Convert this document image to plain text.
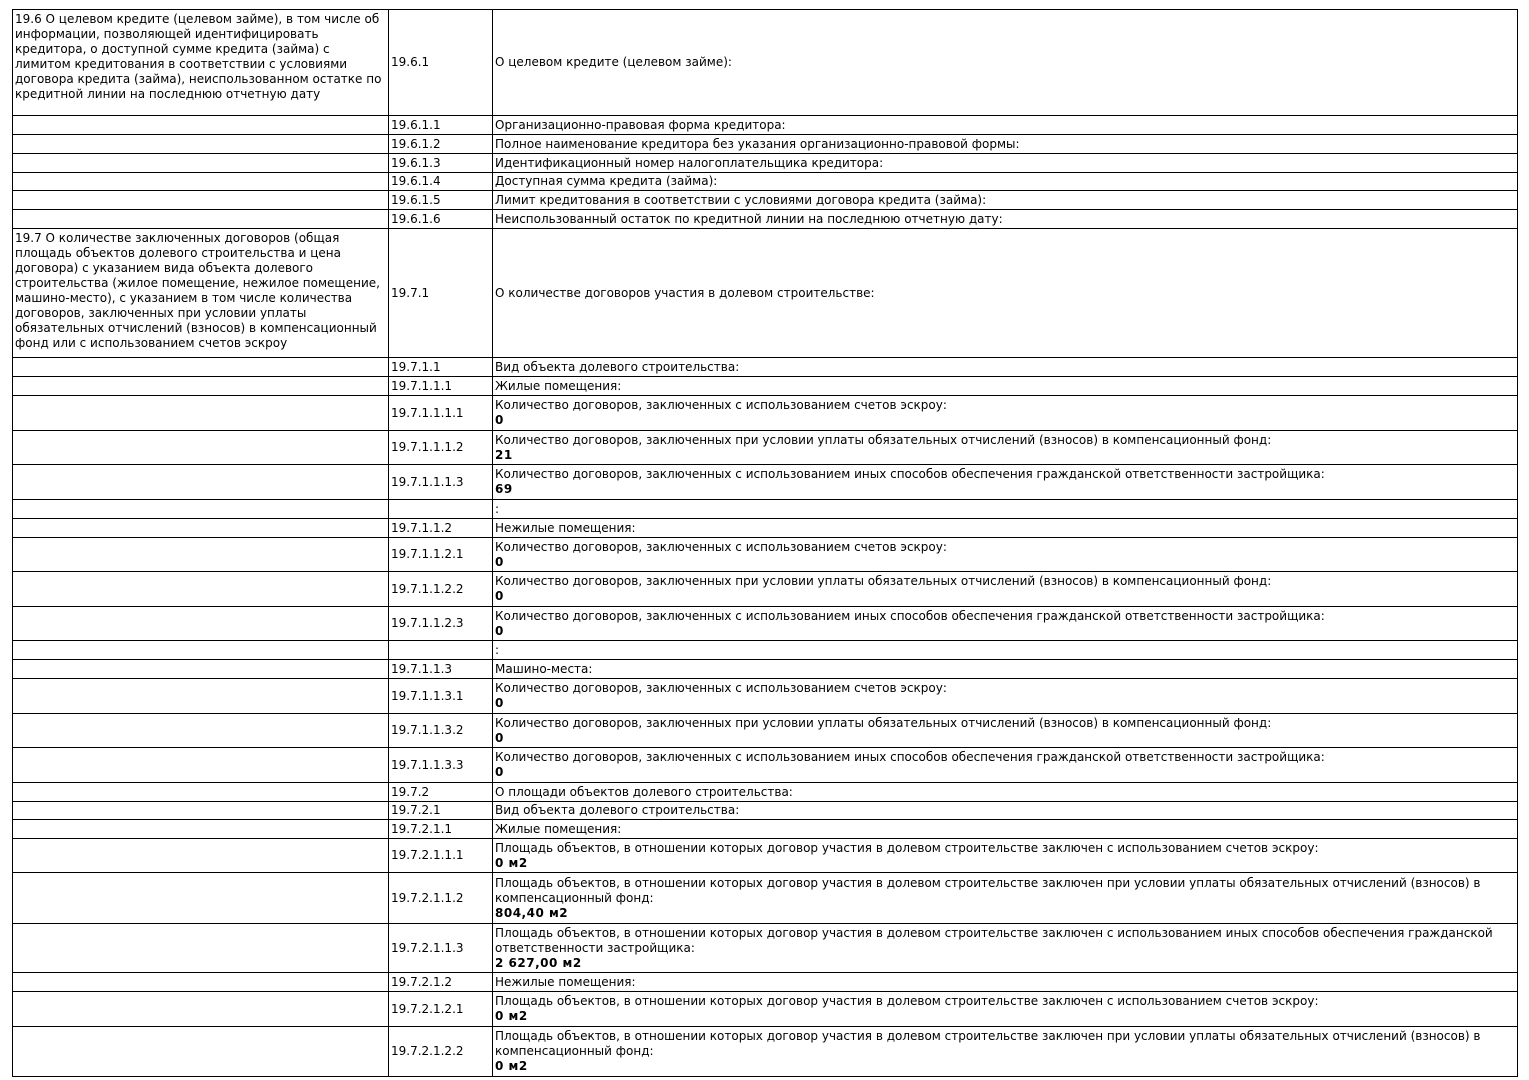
19.6 О целевом кредите (целевом займе), в том числе об информации, позволяющей идентифицировать кредитора, о доступной сумме кредита (займа) с лимитом кредитования в соответствии с условиями договора кредита (займа), неиспользованном остатке по кредитной линии на последнюю отчетную дату	19.6.1	О целевом кредите (целевом займе):

	19.6.1.1	Организационно-правовая форма кредитора:

	19.6.1.2	Полное наименование кредитора без указания организационно-правовой формы:

	19.6.1.3	Идентификационный номер налогоплательщика кредитора:

	19.6.1.4	Доступная сумма кредита (займа):

	19.6.1.5	Лимит кредитования в соответствии с условиями договора кредита (займа):

	19.6.1.6	Неиспользованный остаток по кредитной линии на последнюю отчетную дату:

19.7 О количестве заключенных договоров (общая площадь объектов долевого строительства и цена договора) с указанием вида объекта долевого строительства (жилое помещение, нежилое помещение, машино-место), с указанием в том числе количества договоров, заключенных при условии уплаты обязательных отчислений (взносов) в компенсационный фонд или с использованием счетов эскроу	19.7.1	О количестве договоров участия в долевом строительстве:

	19.7.1.1	Вид объекта долевого строительства:

	19.7.1.1.1	Жилые помещения:

	19.7.1.1.1.1	Количество договоров, заключенных с использованием счетов эскроу:
0

	19.7.1.1.1.2	Количество договоров, заключенных при условии уплаты обязательных отчислений (взносов) в компенсационный фонд:
21

	19.7.1.1.1.3	Количество договоров, заключенных с использованием иных способов обеспечения гражданской ответственности застройщика:
69

		:

	19.7.1.1.2	Нежилые помещения:

	19.7.1.1.2.1	Количество договоров, заключенных с использованием счетов эскроу:
0

	19.7.1.1.2.2	Количество договоров, заключенных при условии уплаты обязательных отчислений (взносов) в компенсационный фонд:
0

	19.7.1.1.2.3	Количество договоров, заключенных с использованием иных способов обеспечения гражданской ответственности застройщика:
0

		:

	19.7.1.1.3	Машино-места:

	19.7.1.1.3.1	Количество договоров, заключенных с использованием счетов эскроу:
0

	19.7.1.1.3.2	Количество договоров, заключенных при условии уплаты обязательных отчислений (взносов) в компенсационный фонд:
0

	19.7.1.1.3.3	Количество договоров, заключенных с использованием иных способов обеспечения гражданской ответственности застройщика:
0

	19.7.2	О площади объектов долевого строительства:

	19.7.2.1	Вид объекта долевого строительства:

	19.7.2.1.1	Жилые помещения:

	19.7.2.1.1.1	Площадь объектов, в отношении которых договор участия в долевом строительстве заключен с использованием счетов эскроу:
0 м2

	19.7.2.1.1.2	Площадь объектов, в отношении которых договор участия в долевом строительстве заключен при условии уплаты обязательных отчислений (взносов) в компенсационный фонд:
804,40 м2

	19.7.2.1.1.3	Площадь объектов, в отношении которых договор участия в долевом строительстве заключен с использованием иных способов обеспечения гражданской ответственности застройщика:
2 627,00 м2

	19.7.2.1.2	Нежилые помещения:

	19.7.2.1.2.1	Площадь объектов, в отношении которых договор участия в долевом строительстве заключен с использованием счетов эскроу:
0 м2

	19.7.2.1.2.2	Площадь объектов, в отношении которых договор участия в долевом строительстве заключен при условии уплаты обязательных отчислений (взносов) в компенсационный фонд:
0 м2
